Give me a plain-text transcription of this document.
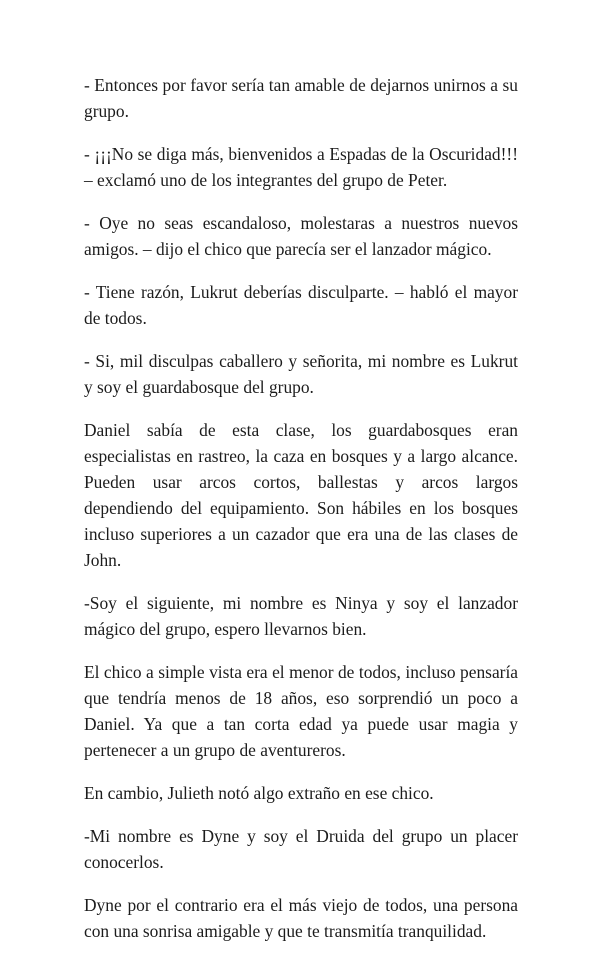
- Entonces por favor sería tan amable de dejarnos unirnos a su grupo.

- ¡¡¡No se diga más, bienvenidos a Espadas de la Oscuridad!!! – exclamó uno de los integrantes del grupo de Peter.

- Oye no seas escandaloso, molestaras a nuestros nuevos amigos. – dijo el chico que parecía ser el lanzador mágico.

- Tiene razón, Lukrut deberías disculparte. – habló el mayor de todos.

- Si, mil disculpas caballero y señorita, mi nombre es Lukrut y soy el guardabosque del grupo.

Daniel sabía de esta clase, los guardabosques eran especialistas en rastreo, la caza en bosques y a largo alcance. Pueden usar arcos cortos, ballestas y arcos largos dependiendo del equipamiento. Son hábiles en los bosques incluso superiores a un cazador que era una de las clases de John.

-Soy el siguiente, mi nombre es Ninya y soy el lanzador mágico del grupo, espero llevarnos bien.

El chico a simple vista era el menor de todos, incluso pensaría que tendría menos de 18 años, eso sorprendió un poco a Daniel. Ya que a tan corta edad ya puede usar magia y pertenecer a un grupo de aventureros.

En cambio, Julieth notó algo extraño en ese chico.

-Mi nombre es Dyne y soy el Druida del grupo un placer conocerlos.

Dyne por el contrario era el más viejo de todos, una persona con una sonrisa amigable y que te transmitía tranquilidad.
